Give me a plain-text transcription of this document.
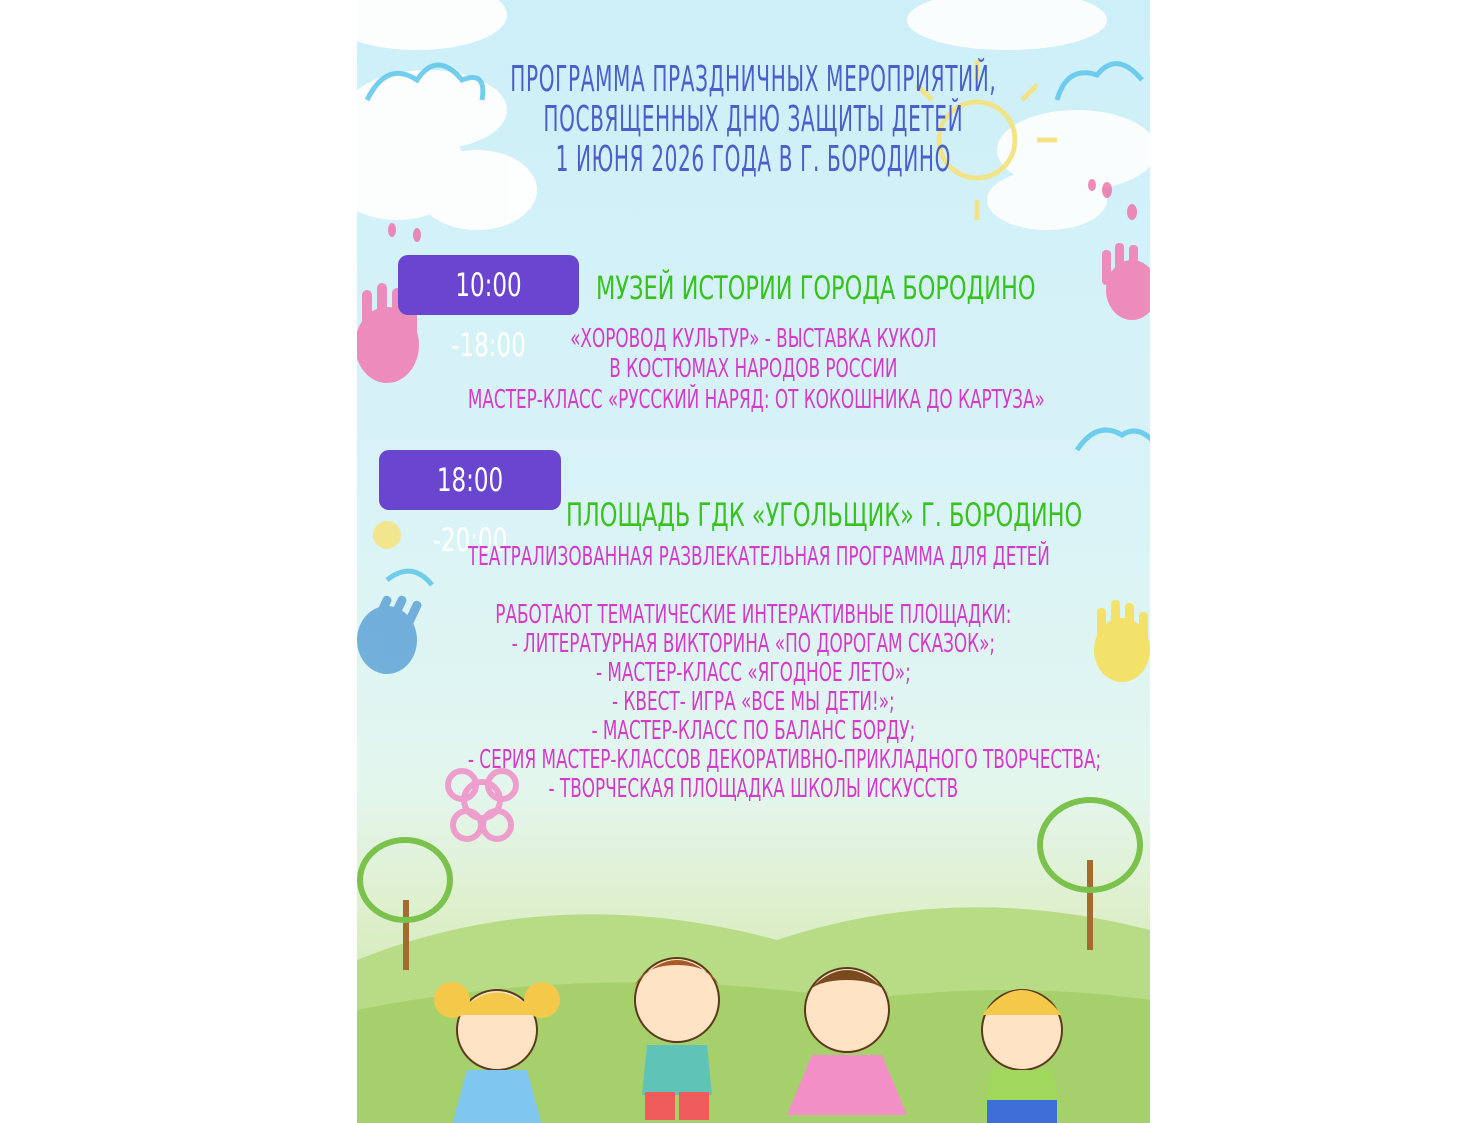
ПРОГРАММА ПРАЗДНИЧНЫХ МЕРОПРИЯТИЙ,
ПОСВЯЩЕННЫХ ДНЮ ЗАЩИТЫ ДЕТЕЙ
1 ИЮНЯ 2026 ГОДА В Г. БОРОДИНО
10:00 -18:00
МУЗЕЙ ИСТОРИИ ГОРОДА БОРОДИНО
«ХОРОВОД КУЛЬТУР» - ВЫСТАВКА КУКОЛ
В КОСТЮМАХ НАРОДОВ РОССИИ
МАСТЕР-КЛАСС «РУССКИЙ НАРЯД: ОТ КОКОШНИКА ДО КАРТУЗА»
18:00 -20:00
ПЛОЩАДЬ ГДК «УГОЛЬЩИК» Г. БОРОДИНО
ТЕАТРАЛИЗОВАННАЯ РАЗВЛЕКАТЕЛЬНАЯ ПРОГРАММА ДЛЯ ДЕТЕЙ
РАБОТАЮТ ТЕМАТИЧЕСКИЕ ИНТЕРАКТИВНЫЕ ПЛОЩАДКИ:
- ЛИТЕРАТУРНАЯ ВИКТОРИНА «ПО ДОРОГАМ СКАЗОК»;
- МАСТЕР-КЛАСС «ЯГОДНОЕ ЛЕТО»;
- КВЕСТ- ИГРА «ВСЕ МЫ ДЕТИ!»;
- МАСТЕР-КЛАСС ПО БАЛАНС БОРДУ;
- СЕРИЯ МАСТЕР-КЛАССОВ ДЕКОРАТИВНО-ПРИКЛАДНОГО ТВОРЧЕСТВА;
- ТВОРЧЕСКАЯ ПЛОЩАДКА ШКОЛЫ ИСКУССТВ
